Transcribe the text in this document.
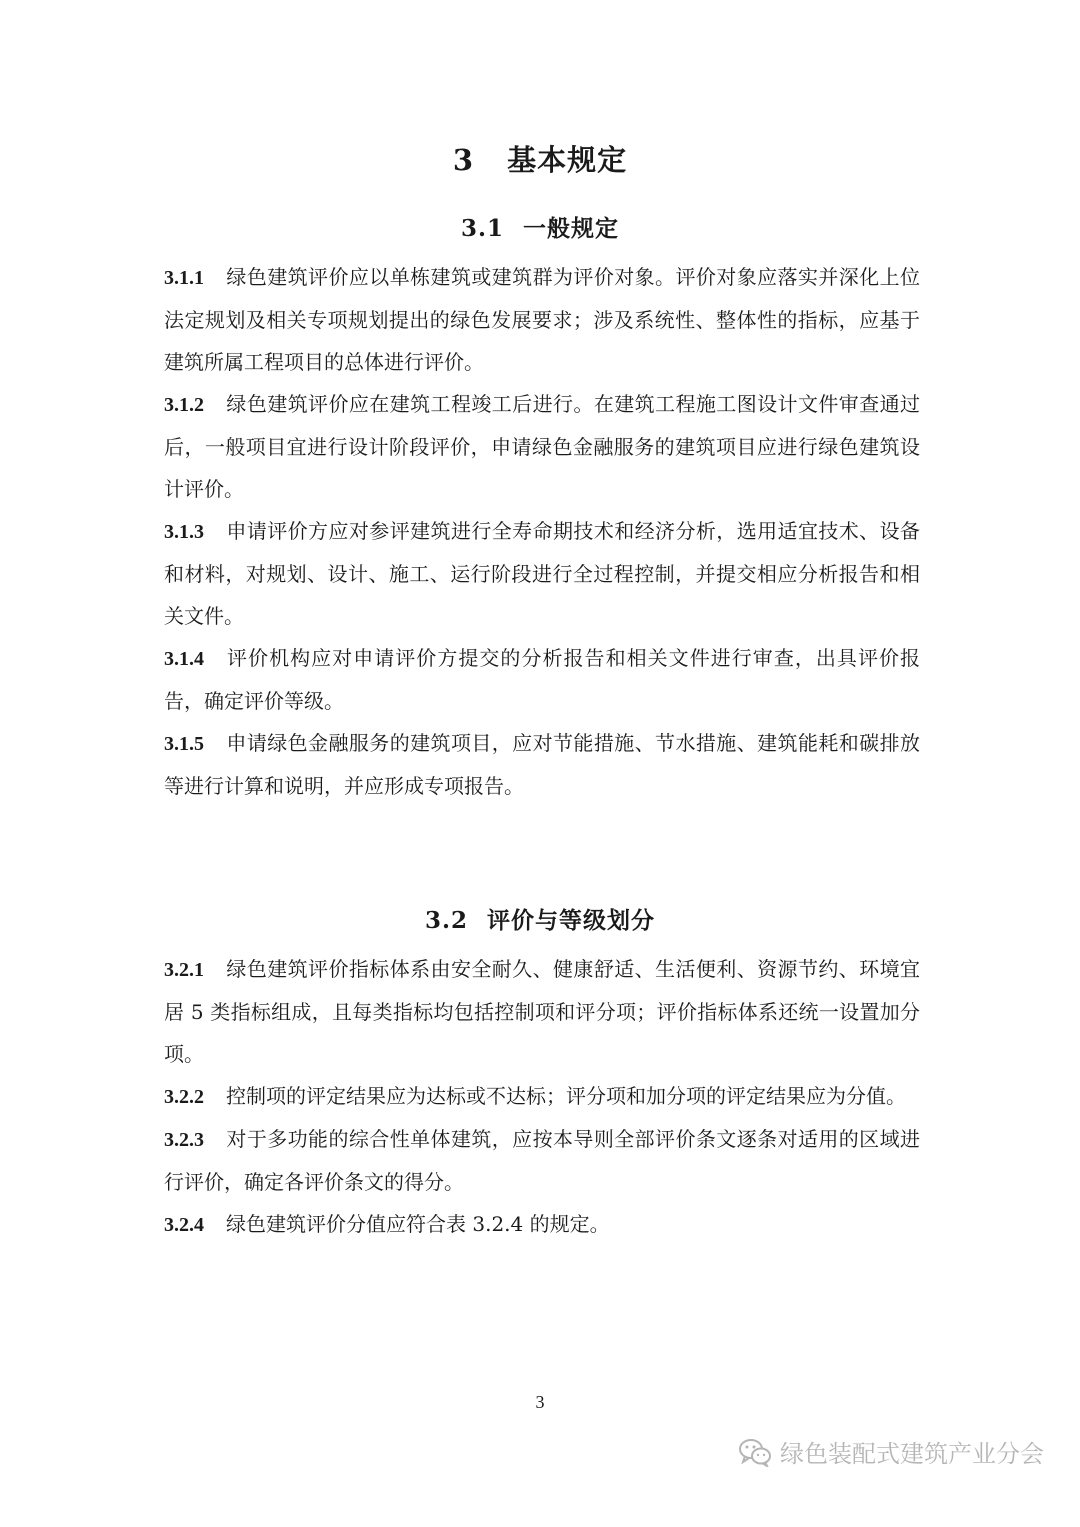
3 基本规定
3.1 一般规定

3.1.1 绿色建筑评价应以单栋建筑或建筑群为评价对象。评价对象应落实并深化上位法定规划及相关专项规划提出的绿色发展要求；涉及系统性、整体性的指标，应基于建筑所属工程项目的总体进行评价。

3.1.2 绿色建筑评价应在建筑工程竣工后进行。在建筑工程施工图设计文件审查通过后，一般项目宜进行设计阶段评价，申请绿色金融服务的建筑项目应进行绿色建筑设计评价。

3.1.3 申请评价方应对参评建筑进行全寿命期技术和经济分析，选用适宜技术、设备和材料，对规划、设计、施工、运行阶段进行全过程控制，并提交相应分析报告和相关文件。

3.1.4 评价机构应对申请评价方提交的分析报告和相关文件进行审查，出具评价报告，确定评价等级。

3.1.5 申请绿色金融服务的建筑项目，应对节能措施、节水措施、建筑能耗和碳排放等进行计算和说明，并应形成专项报告。

3.2 评价与等级划分

3.2.1 绿色建筑评价指标体系由安全耐久、健康舒适、生活便利、资源节约、环境宜居 5 类指标组成，且每类指标均包括控制项和评分项；评价指标体系还统一设置加分项。

3.2.2 控制项的评定结果应为达标或不达标；评分项和加分项的评定结果应为分值。

3.2.3 对于多功能的综合性单体建筑，应按本导则全部评价条文逐条对适用的区域进行评价，确定各评价条文的得分。

3.2.4 绿色建筑评价分值应符合表 3.2.4 的规定。

3
绿色装配式建筑产业分会
